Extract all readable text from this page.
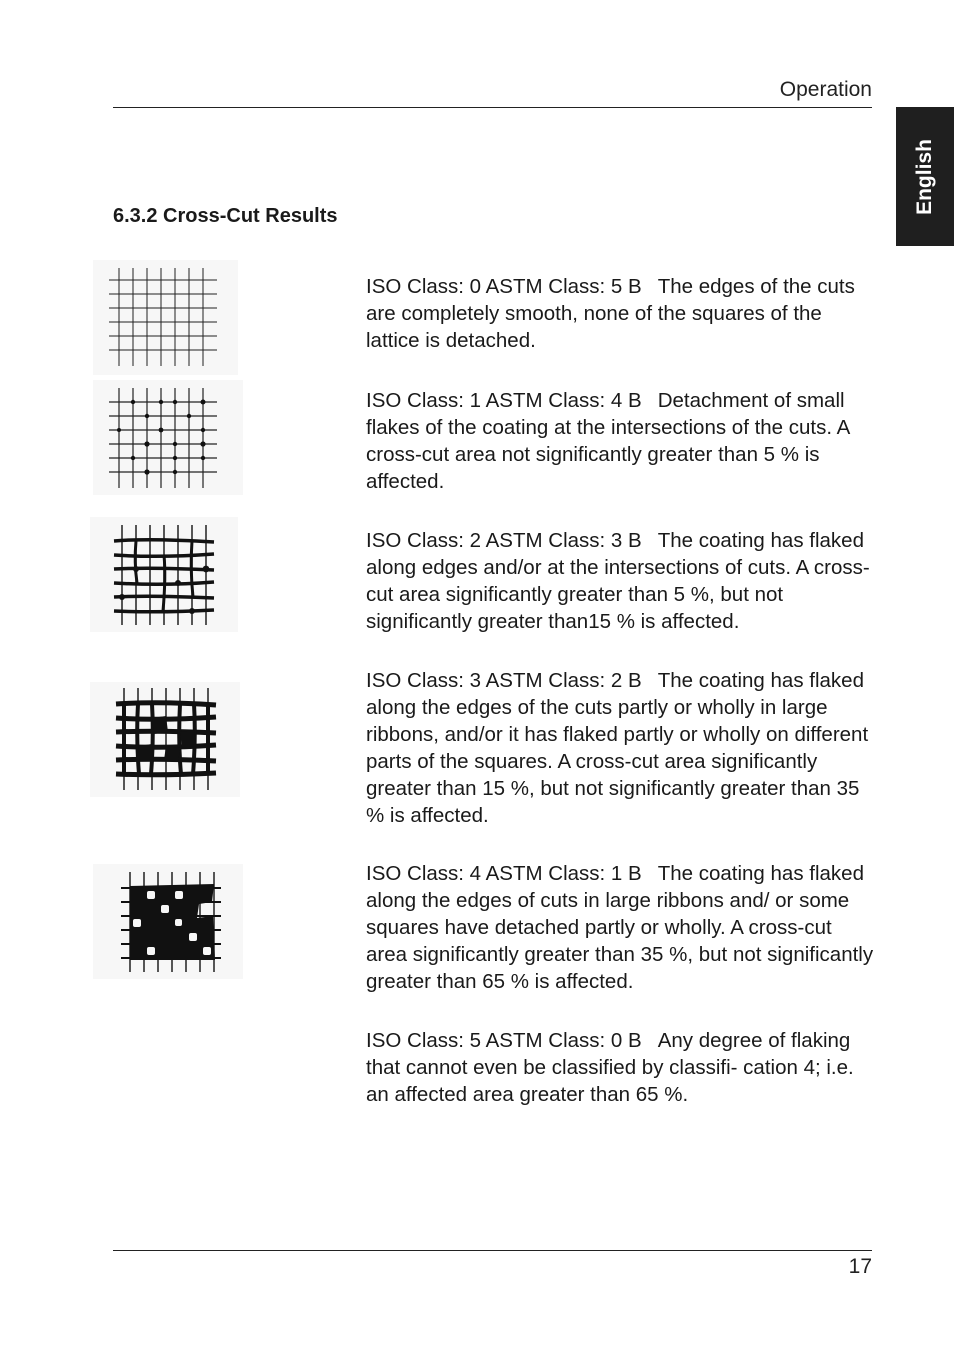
Operation
English
6.3.2 Cross-Cut Results
ISO Class: 0 ASTM Class: 5 B The edges of the cuts are completely smooth, none of the squares of the lattice is detached.
ISO Class: 1 ASTM Class: 4 B Detachment of small flakes of the coating at the intersections of the cuts. A cross-cut area not significantly greater than 5 % is affected.
ISO Class: 2 ASTM Class: 3 B The coating has flaked along edges and/or at the intersections of cuts. A cross-cut area significantly greater than 5 %, but not significantly greater than15 % is affected.
ISO Class: 3 ASTM Class: 2 B The coating has flaked along the edges of the cuts partly or wholly in large ribbons, and/or it has flaked partly or wholly on different parts of the squares. A cross-cut area significantly greater than 15 %, but not significantly greater than 35 % is affected.
ISO Class: 4 ASTM Class: 1 B The coating has flaked along the edges of cuts in large ribbons and/ or some squares have detached partly or wholly. A cross-cut area significantly greater than 35 %, but not significantly greater than 65 % is affected.
ISO Class: 5 ASTM Class: 0 B Any degree of flaking that cannot even be classified by classifi- cation 4; i.e. an affected area greater than 65 %.
17
